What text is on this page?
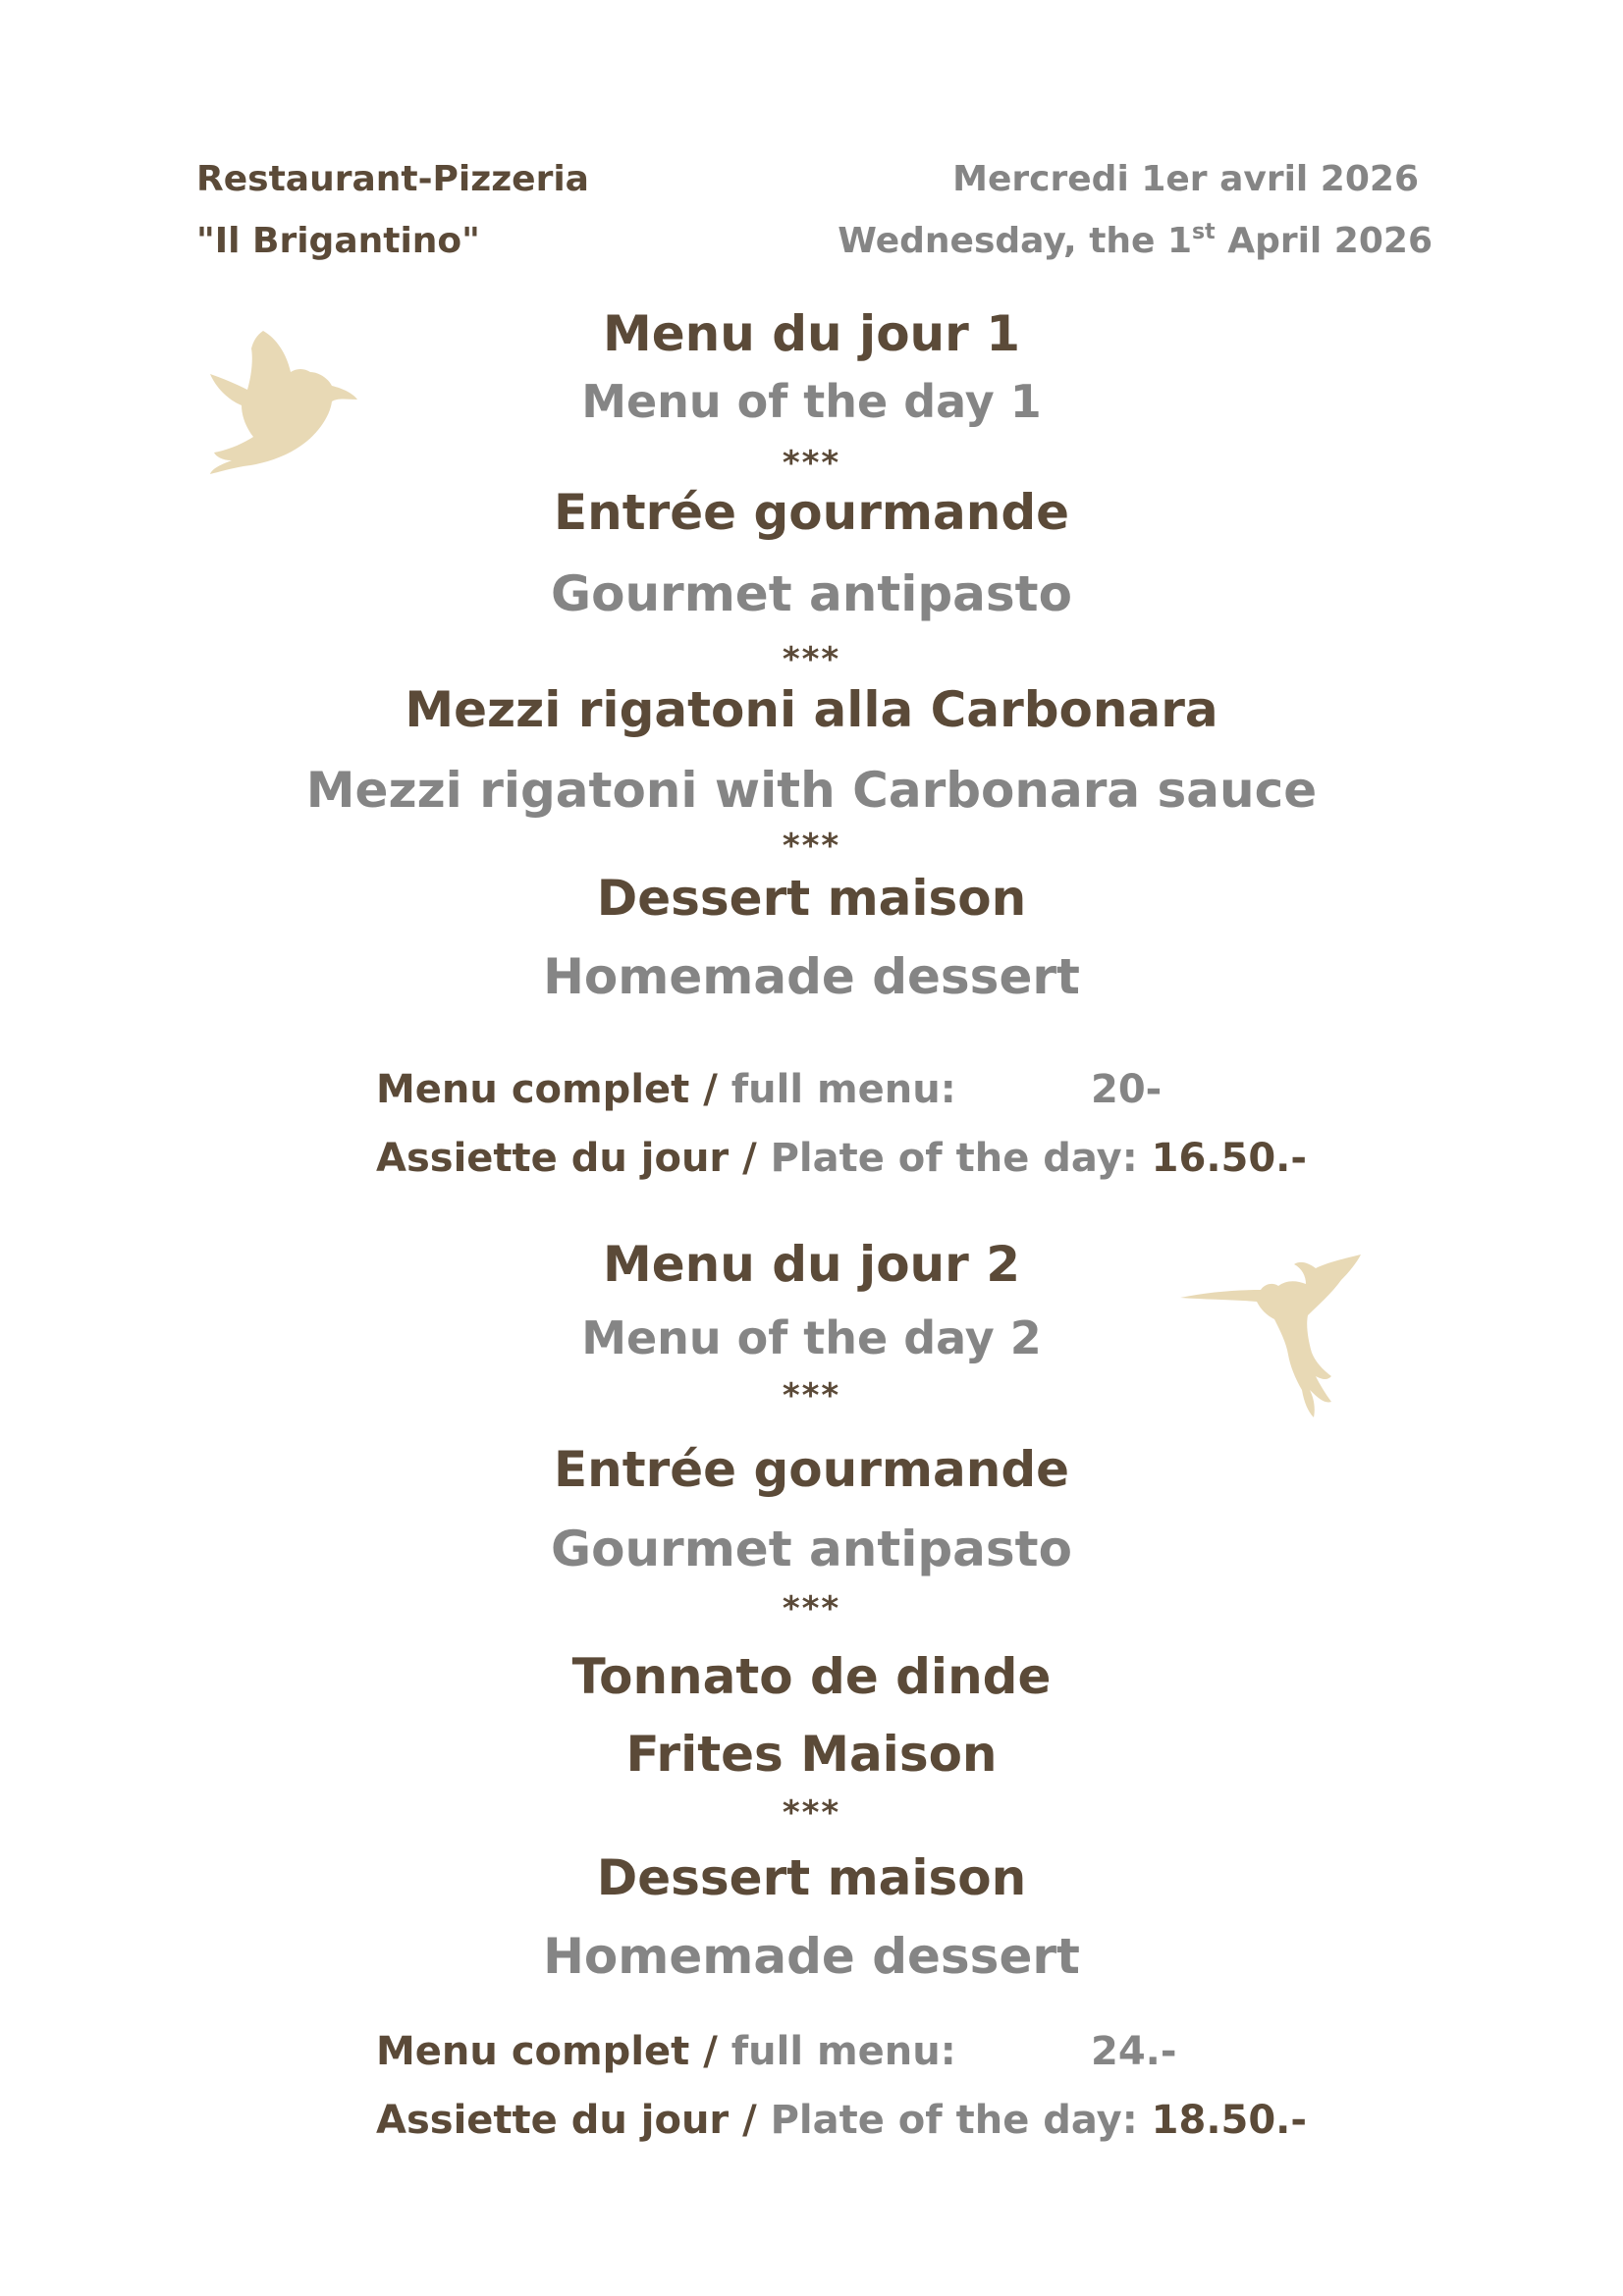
Restaurant-Pizzeria
"Il Brigantino"
Mercredi 1er avril 2026
Wednesday, the 1st April 2026
Menu du jour 1
Menu of the day 1
***
Entrée gourmande
Gourmet antipasto
***
Mezzi rigatoni alla Carbonara
Mezzi rigatoni with Carbonara sauce
***
Dessert maison
Homemade dessert
Menu complet / full menu:	20-
Assiette du jour / Plate of the day: 16.50.-
Menu du jour 2
Menu of the day 2
***
Entrée gourmande
Gourmet antipasto
***
Tonnato de dinde
Frites Maison
***
Dessert maison
Homemade dessert
Menu complet / full menu:	24.-
Assiette du jour / Plate of the day: 18.50.-
